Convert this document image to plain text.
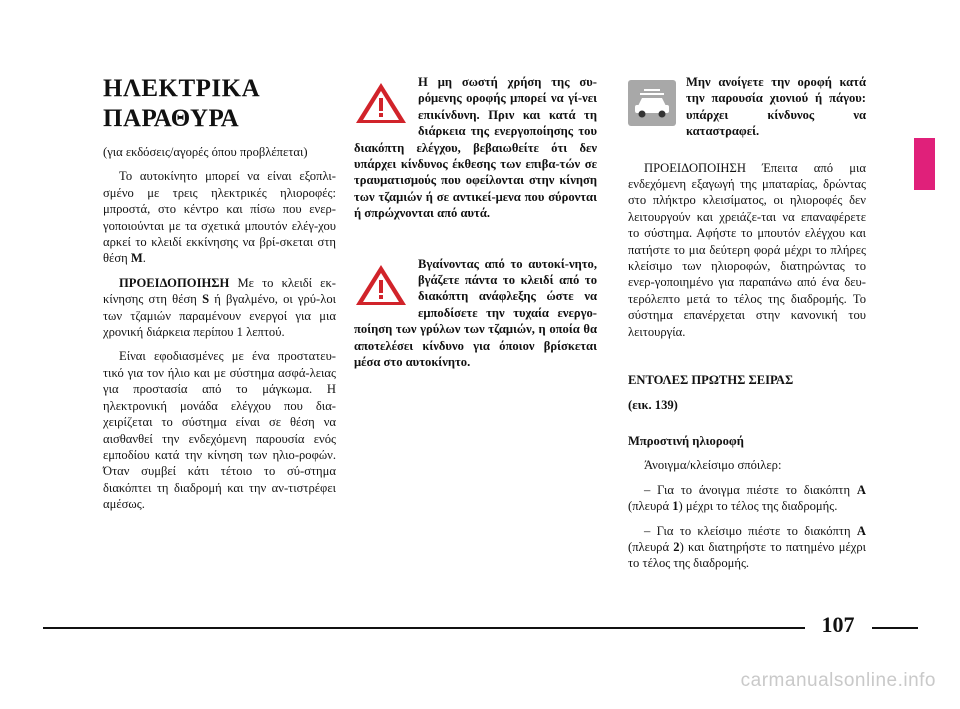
ΗΛΕΚΤΡΙΚΑ
ΠΑΡΑΘΥΡΑ

(για εκδόσεις/αγορές όπου προβλέπεται)

Το αυτοκίνητο μπορεί να είναι εξοπλι-σμένο με τρεις ηλεκτρικές ηλιοροφές: μπροστά, στο κέντρο και πίσω που ενερ-γοποιούνται με τα σχετικά μπουτόν ελέγ-χου αρκεί το κλειδί εκκίνησης να βρί-σκεται στη θέση M.

ΠΡΟΕΙΔΟΠΟΙΗΣΗ Με το κλειδί εκ-κίνησης στη θέση S ή βγαλμένο, οι γρύ-λοι των τζαμιών παραμένουν ενεργοί για μια χρονική διάρκεια περίπου 1 λεπτού.

Είναι εφοδιασμένες με ένα προστατευ-τικό για τον ήλιο και με σύστημα ασφά-λειας για προστασία από το μάγκωμα. Η ηλεκτρονική μονάδα ελέγχου που δια-χειρίζεται το σύστημα είναι σε θέση να αισθανθεί την ενδεχόμενη παρουσία ενός εμποδίου κατά την κίνηση των ηλιο-ροφών. Όταν συμβεί κάτι τέτοιο το σύ-στημα διακόπτει τη διαδρομή και την αν-τιστρέφει αμέσως.

Η μη σωστή χρήση της συ-ρόμενης οροφής μπορεί να γί-νει επικίνδυνη. Πριν και κατά τη διάρκεια της ενεργοποίησης του διακόπτη ελέγχου, βεβαιωθείτε ότι δεν υπάρχει κίνδυνος έκθεσης των επιβα-τών σε τραυματισμούς που οφείλονται στην κίνηση των τζαμιών ή σε αντικεί-μενα που σύρονται ή σπρώχνονται από αυτά.

Βγαίνοντας από το αυτοκί-νητο, βγάζετε πάντα το κλειδί από το διακόπτη ανάφλεξης ώστε να εμποδίσετε την τυχαία ενεργο-ποίηση των γρύλων των τζαμιών, η οποία θα αποτελέσει κίνδυνο για όποιον βρίσκεται μέσα στο αυτοκίνητο.

Μην ανοίγετε την οροφή κατά την παρουσία χιονιού ή πάγου: υπάρχει κίνδυνος να καταστραφεί.

ΠΡΟΕΙΔΟΠΟΙΗΣΗ Έπειτα από μια ενδεχόμενη εξαγωγή της μπαταρίας, δρώντας στο πλήκτρο κλεισίματος, οι ηλιοροφές δεν λειτουργούν και χρειάζε-ται να επαναφέρετε το σύστημα. Αφήστε το μπουτόν ελέγχου και πατήστε το μια δεύτερη φορά μέχρι το πλήρες κλείσιμο των ηλιοροφών, διατηρώντας το ενερ-γοποιημένο για παραπάνω από ένα δευ-τερόλεπτο μετά το τέλος της διαδρομής. Το σύστημα επανέρχεται στην κανονική του λειτουργία.

ΕΝΤΟΛΕΣ ΠΡΩΤΗΣ ΣΕΙΡΑΣ

(εικ. 139)

Μπροστινή ηλιοροφή

Άνοιγμα/κλείσιμο σπόιλερ:

– Για το άνοιγμα πιέστε το διακόπτη A (πλευρά 1) μέχρι το τέλος της διαδρομής.

– Για το κλείσιμο πιέστε το διακόπτη A (πλευρά 2) και διατηρήστε το πατημένο μέχρι το τέλος της διαδρομής.

107
carmanualsonline.info
